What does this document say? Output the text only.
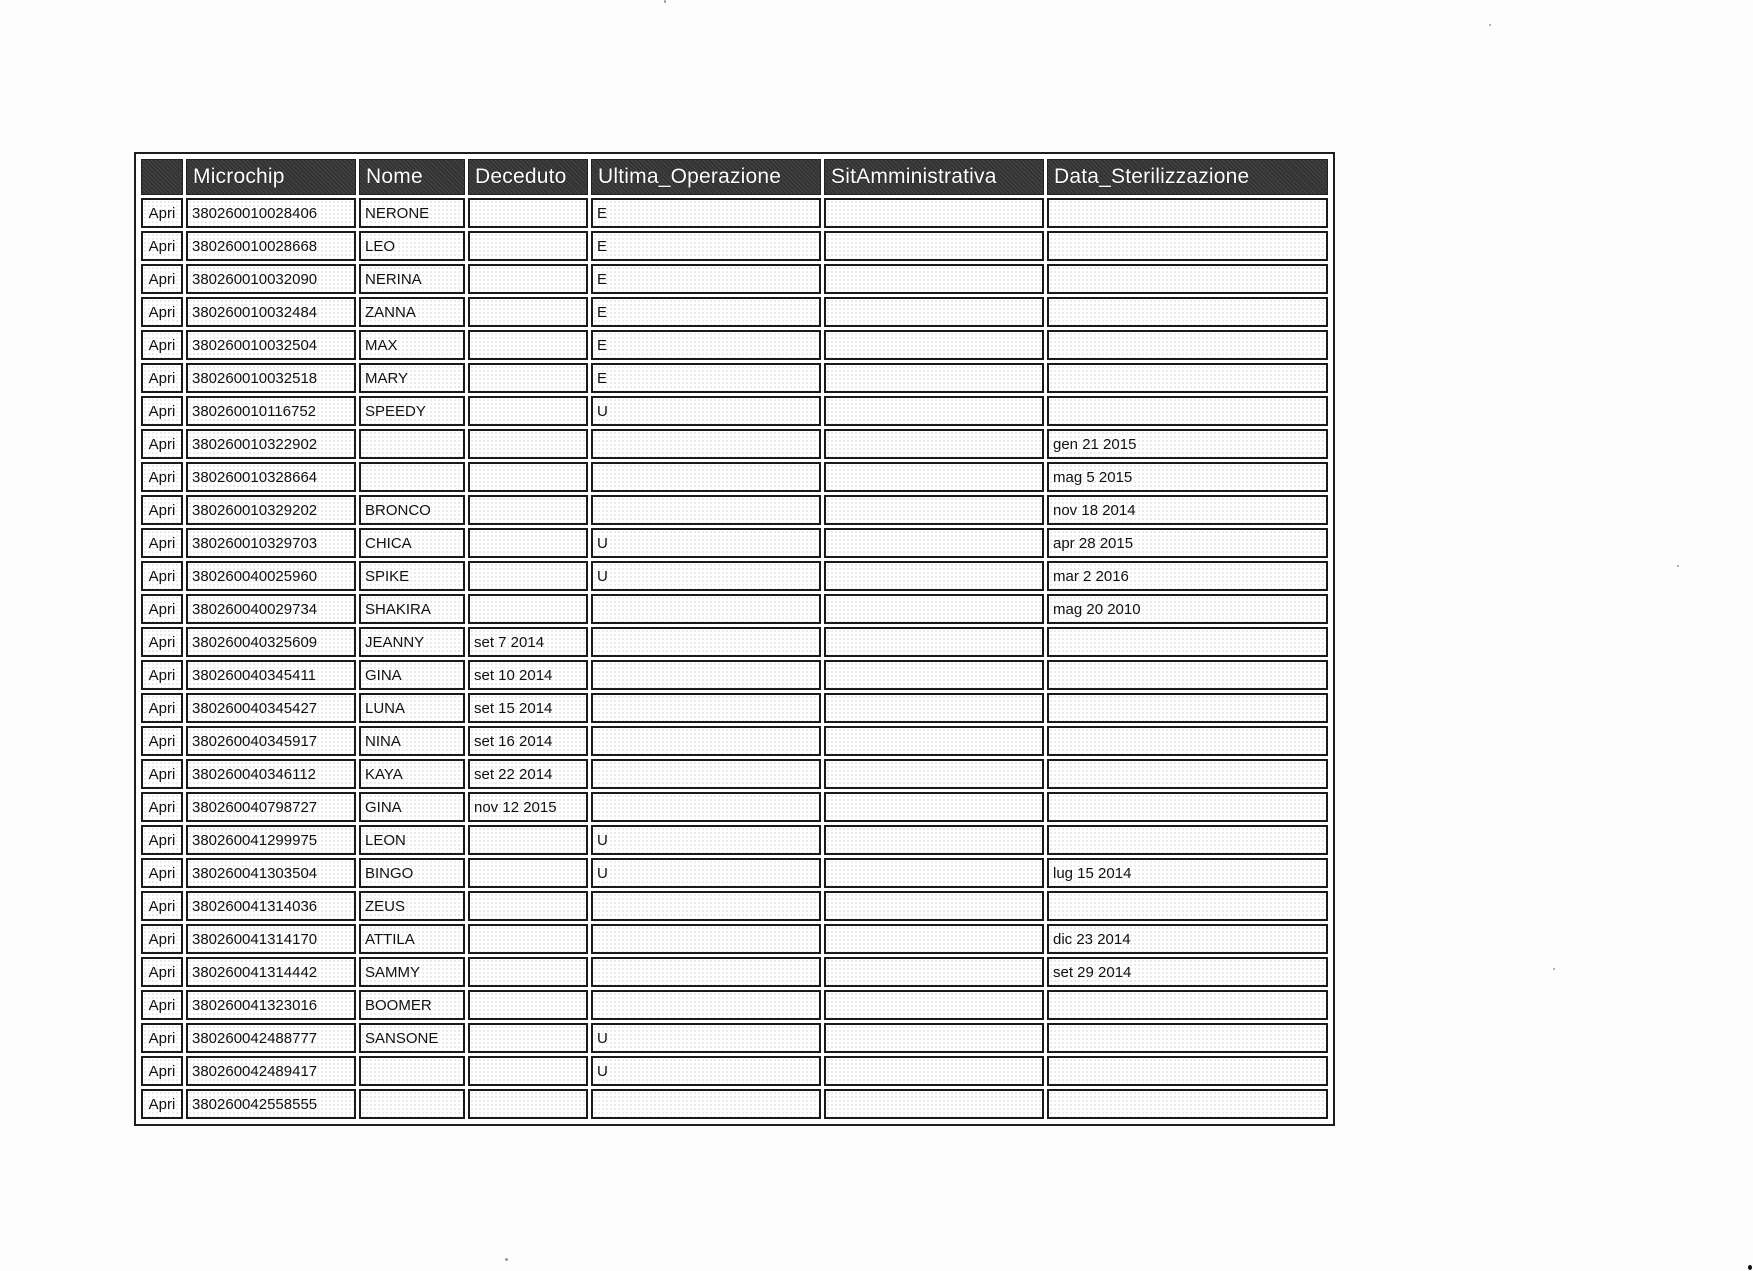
	Microchip	Nome	Deceduto	Ultima_Operazione	SitAmministrativa	Data_Sterilizzazione
Apri	380260010028406	NERONE		E		
Apri	380260010028668	LEO		E		
Apri	380260010032090	NERINA		E		
Apri	380260010032484	ZANNA		E		
Apri	380260010032504	MAX		E		
Apri	380260010032518	MARY		E		
Apri	380260010116752	SPEEDY		U		
Apri	380260010322902					gen 21 2015
Apri	380260010328664					mag 5 2015
Apri	380260010329202	BRONCO				nov 18 2014
Apri	380260010329703	CHICA		U		apr 28 2015
Apri	380260040025960	SPIKE		U		mar 2 2016
Apri	380260040029734	SHAKIRA				mag 20 2010
Apri	380260040325609	JEANNY	set 7 2014			
Apri	380260040345411	GINA	set 10 2014			
Apri	380260040345427	LUNA	set 15 2014			
Apri	380260040345917	NINA	set 16 2014			
Apri	380260040346112	KAYA	set 22 2014			
Apri	380260040798727	GINA	nov 12 2015			
Apri	380260041299975	LEON		U		
Apri	380260041303504	BINGO		U		lug 15 2014
Apri	380260041314036	ZEUS				
Apri	380260041314170	ATTILA				dic 23 2014
Apri	380260041314442	SAMMY				set 29 2014
Apri	380260041323016	BOOMER				
Apri	380260042488777	SANSONE		U		
Apri	380260042489417			U		
Apri	380260042558555					
